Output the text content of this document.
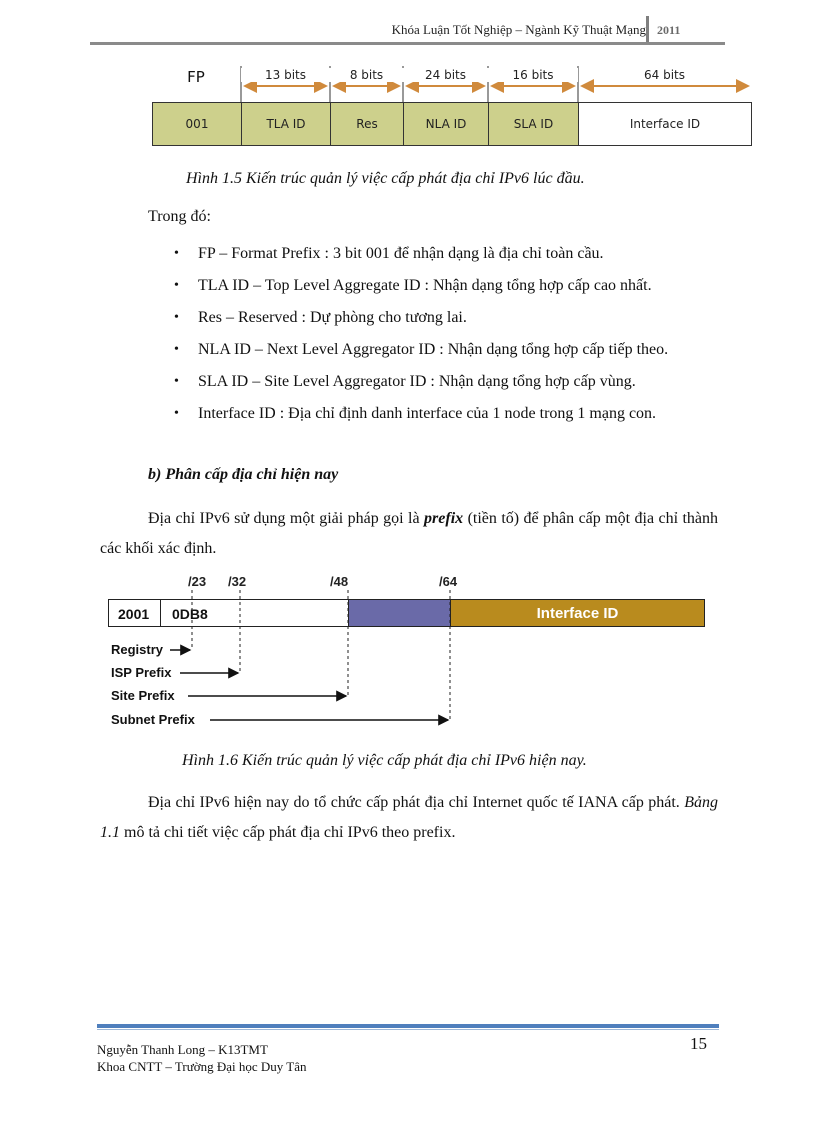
Khóa Luận Tốt Nghiệp – Ngành Kỹ Thuật Mạng 2011
FP	13 bits	8 bits	24 bits	16 bits	64 bits
001	TLA ID	Res	NLA ID	SLA ID	Interface ID
Hình 1.5 Kiến trúc quản lý việc cấp phát địa chỉ IPv6 lúc đầu.
Trong đó:
• FP – Format Prefix : 3 bit 001 để nhận dạng là địa chỉ toàn cầu.
• TLA ID – Top Level Aggregate ID : Nhận dạng tổng hợp cấp cao nhất.
• Res – Reserved : Dự phòng cho tương lai.
• NLA ID – Next Level Aggregator ID : Nhận dạng tổng hợp cấp tiếp theo.
• SLA ID – Site Level Aggregator ID : Nhận dạng tổng hợp cấp vùng.
• Interface ID : Địa chỉ định danh interface của 1 node trong 1 mạng con.
b) Phân cấp địa chỉ hiện nay
Địa chỉ IPv6 sử dụng một giải pháp gọi là prefix (tiền tố) để phân cấp một địa chỉ thành các khối xác định.
/23 /32	/48	/64
2001 0DB8	Interface ID
Registry
ISP Prefix
Site Prefix
Subnet Prefix
Hình 1.6 Kiến trúc quản lý việc cấp phát địa chỉ IPv6 hiện nay.
Địa chỉ IPv6 hiện nay do tổ chức cấp phát địa chỉ Internet quốc tế IANA cấp phát. Bảng 1.1 mô tả chi tiết việc cấp phát địa chỉ IPv6 theo prefix.
Nguyễn Thanh Long – K13TMT
Khoa CNTT – Trường Đại học Duy Tân
15
